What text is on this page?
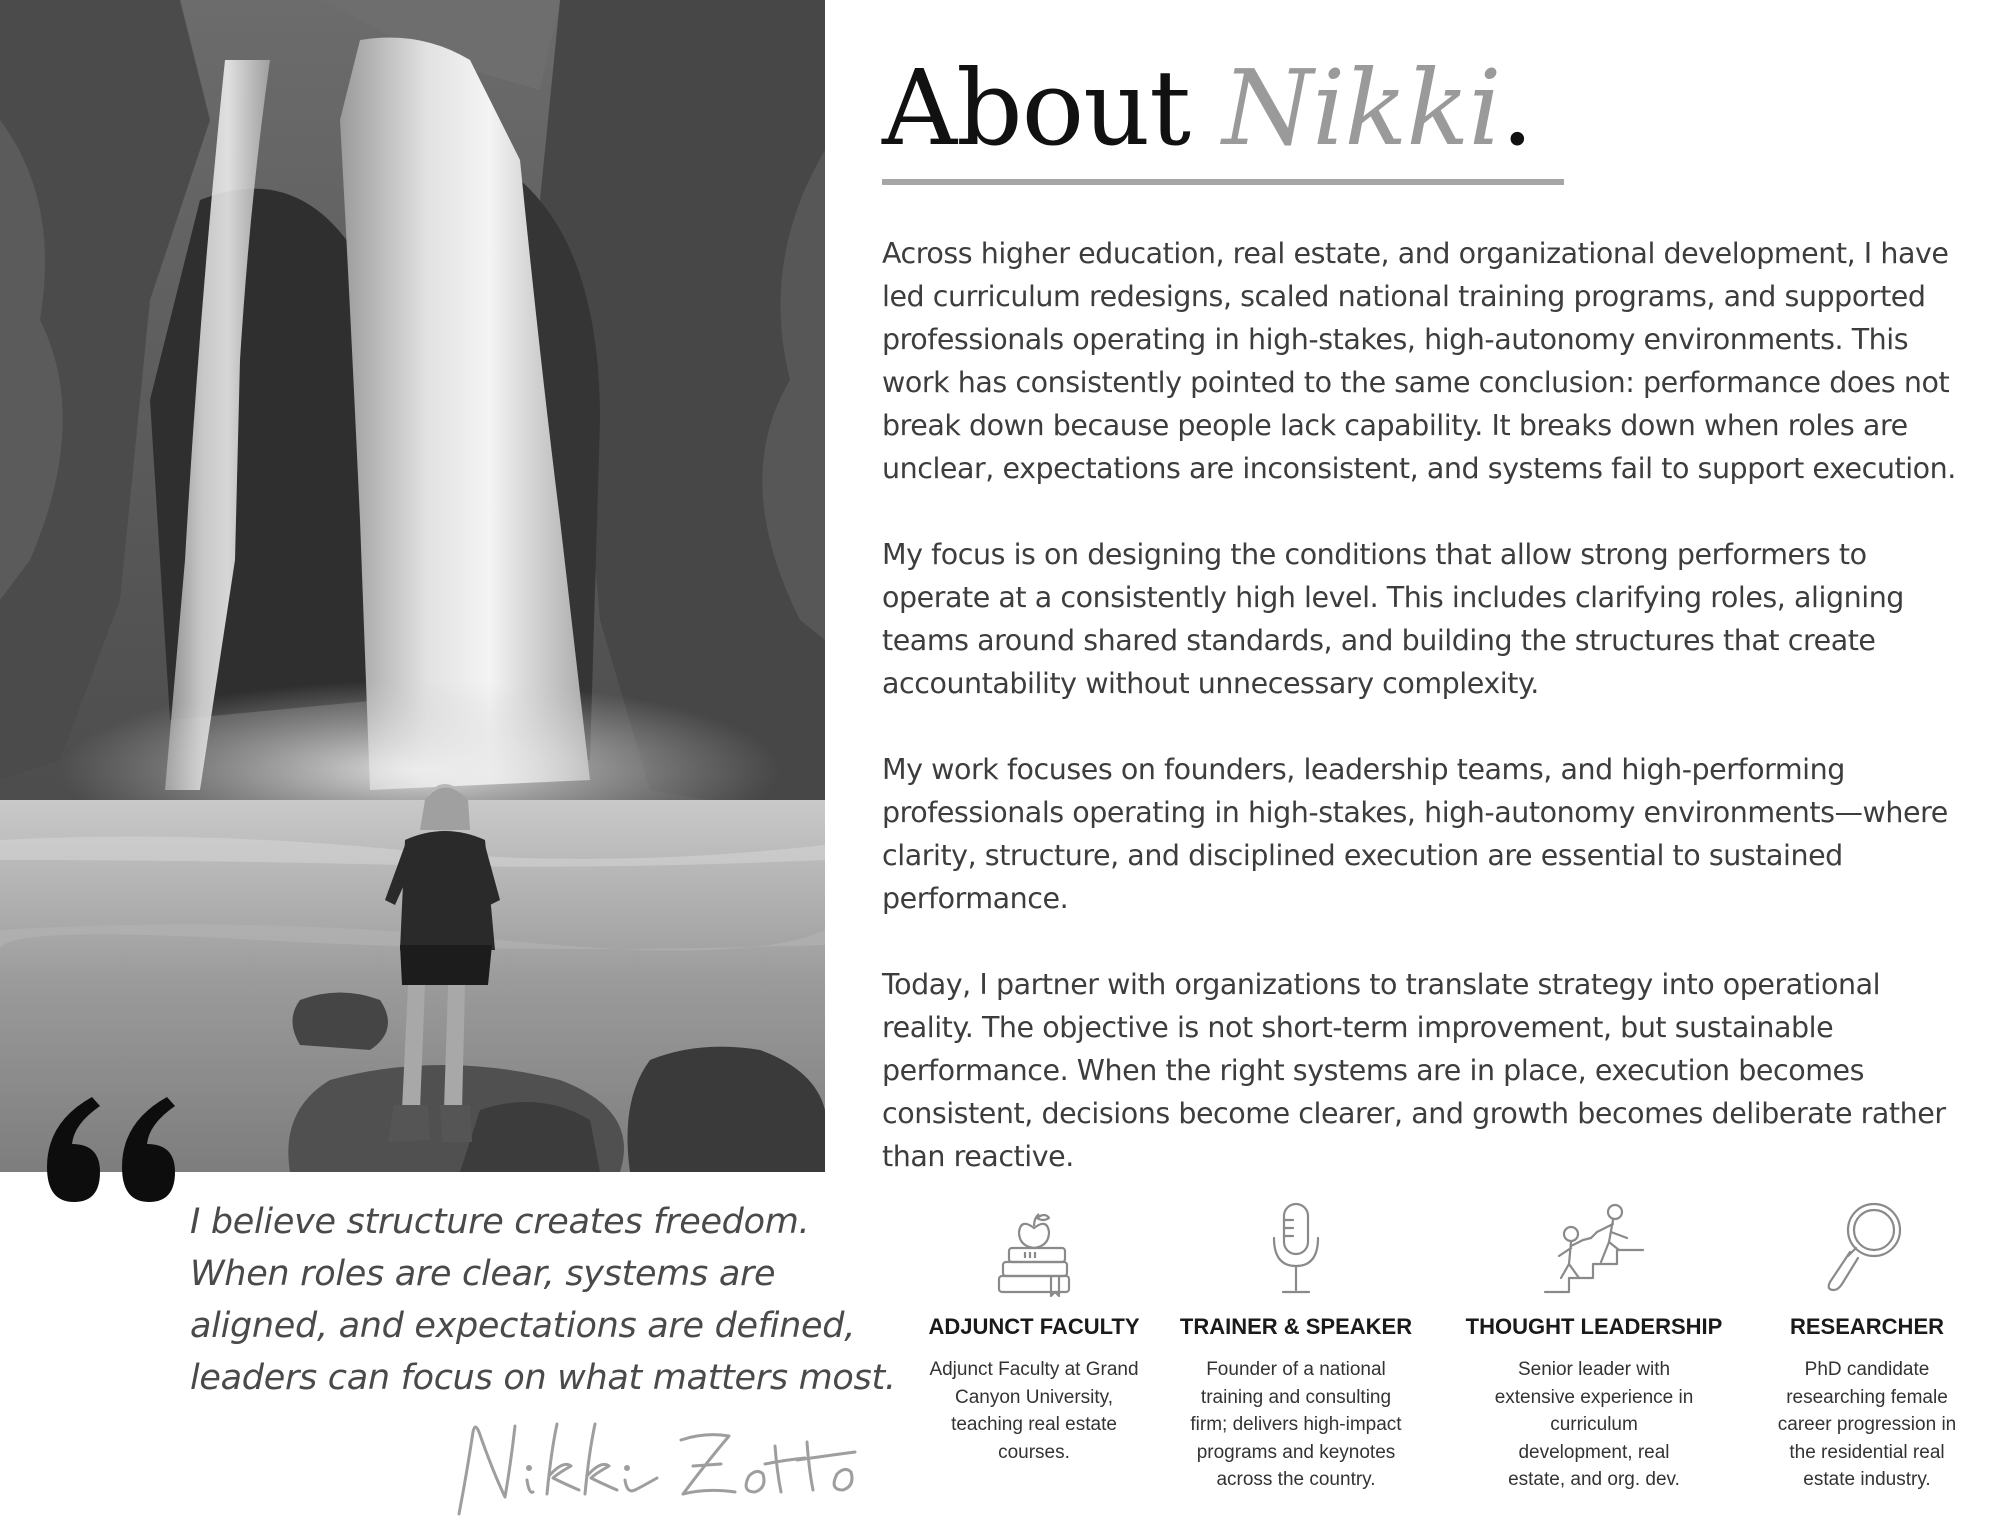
I believe structure creates freedom.
When roles are clear, systems are
aligned, and expectations are defined,
leaders can focus on what matters most.
About Nikki.
Across higher education, real estate, and organizational development, I have
led curriculum redesigns, scaled national training programs, and supported
professionals operating in high-stakes, high-autonomy environments. This
work has consistently pointed to the same conclusion: performance does not
break down because people lack capability. It breaks down when roles are
unclear, expectations are inconsistent, and systems fail to support execution.
My focus is on designing the conditions that allow strong performers to
operate at a consistently high level. This includes clarifying roles, aligning
teams around shared standards, and building the structures that create
accountability without unnecessary complexity.
My work focuses on founders, leadership teams, and high-performing
professionals operating in high-stakes, high-autonomy environments—where
clarity, structure, and disciplined execution are essential to sustained
performance.
Today, I partner with organizations to translate strategy into operational
reality. The objective is not short-term improvement, but sustainable
performance. When the right systems are in place, execution becomes
consistent, decisions become clearer, and growth becomes deliberate rather
than reactive.
ADJUNCT FACULTY
Adjunct Faculty at Grand
Canyon University,
teaching real estate
courses.
TRAINER & SPEAKER
Founder of a national
training and consulting
firm; delivers high-impact
programs and keynotes
across the country.
THOUGHT LEADERSHIP
Senior leader with
extensive experience in
curriculum
development, real
estate, and org. dev.
RESEARCHER
PhD candidate
researching female
career progression in
the residential real
estate industry.
